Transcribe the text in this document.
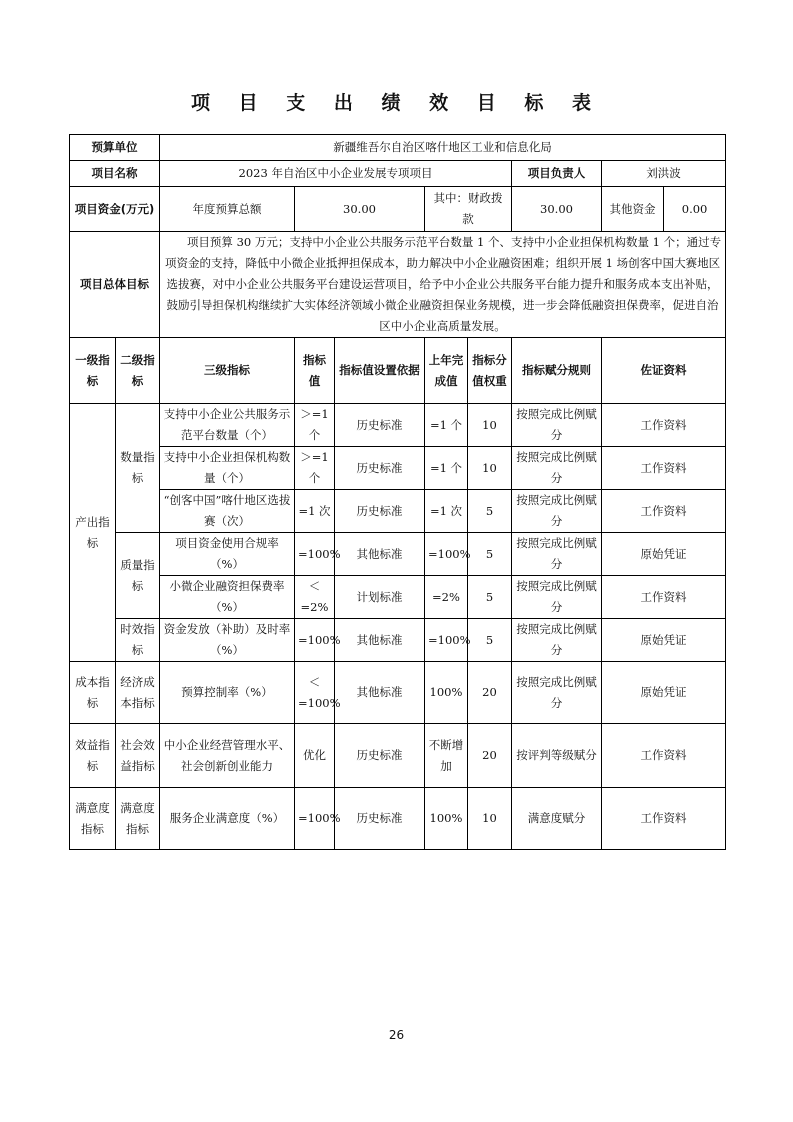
项 目 支 出 绩 效 目 标 表
预算单位		新疆维吾尔自治区喀什地区工业和信息化局						
项目名称		2023 年自治区中小企业发展专项项目					项目负责人	刘洪波
项目资金(万元)		年度预算总额	30.00		其中：财政拨款		30.00	其他资金 0.00

项目总体目标		项目预算 30 万元；支持中小企业公共服务示范平台数量 1 个、支持中小企业担保机构数量 1 个；通过专项资金的支持，降低中小微企业抵押担保成本，助力解决中小企业融资困难；组织开展 1 场创客中国大赛地区选拔赛，对中小企业公共服务平台建设运营项目，给予中小企业公共服务平台能力提升和服务成本支出补贴，鼓励引导担保机构继续扩大实体经济领域小微企业融资担保业务规模，进一步会降低融资担保费率，促进自治区中小企业高质量发展。						
一级指标	二级指标	三级指标	指标值	指标值设置依据	上年完成值	指标分值权重	指标赋分规则	佐证资料
产出指标	数量指标	支持中小企业公共服务示范平台数量（个）	＞=1个	历史标准	=1 个	10	按照完成比例赋分	工作资料
		支持中小企业担保机构数量（个）	＞=1个	历史标准	=1 个	10	按照完成比例赋分	工作资料
		“创客中国”喀什地区选拔赛（次）	=1 次	历史标准	=1 次	5	按照完成比例赋分	工作资料
	质量指标	项目资金使用合规率（%）	=100%	其他标准	=100%	5	按照完成比例赋分	原始凭证
		小微企业融资担保费率（%）	＜=2%	计划标准	=2%	5	按照完成比例赋分	工作资料
	时效指标	资金发放（补助）及时率（%）	=100%	其他标准	=100%	5	按照完成比例赋分	原始凭证
成本指标	经济成本指标	预算控制率（%）	＜=100%	其他标准	100%	20	按照完成比例赋分	原始凭证
效益指标	社会效益指标	中小企业经营管理水平、社会创新创业能力	优化	历史标准	不断增加	20	按评判等级赋分	工作资料
满意度指标	满意度指标	服务企业满意度（%）	=100%	历史标准	100%	10	满意度赋分	工作资料
26
